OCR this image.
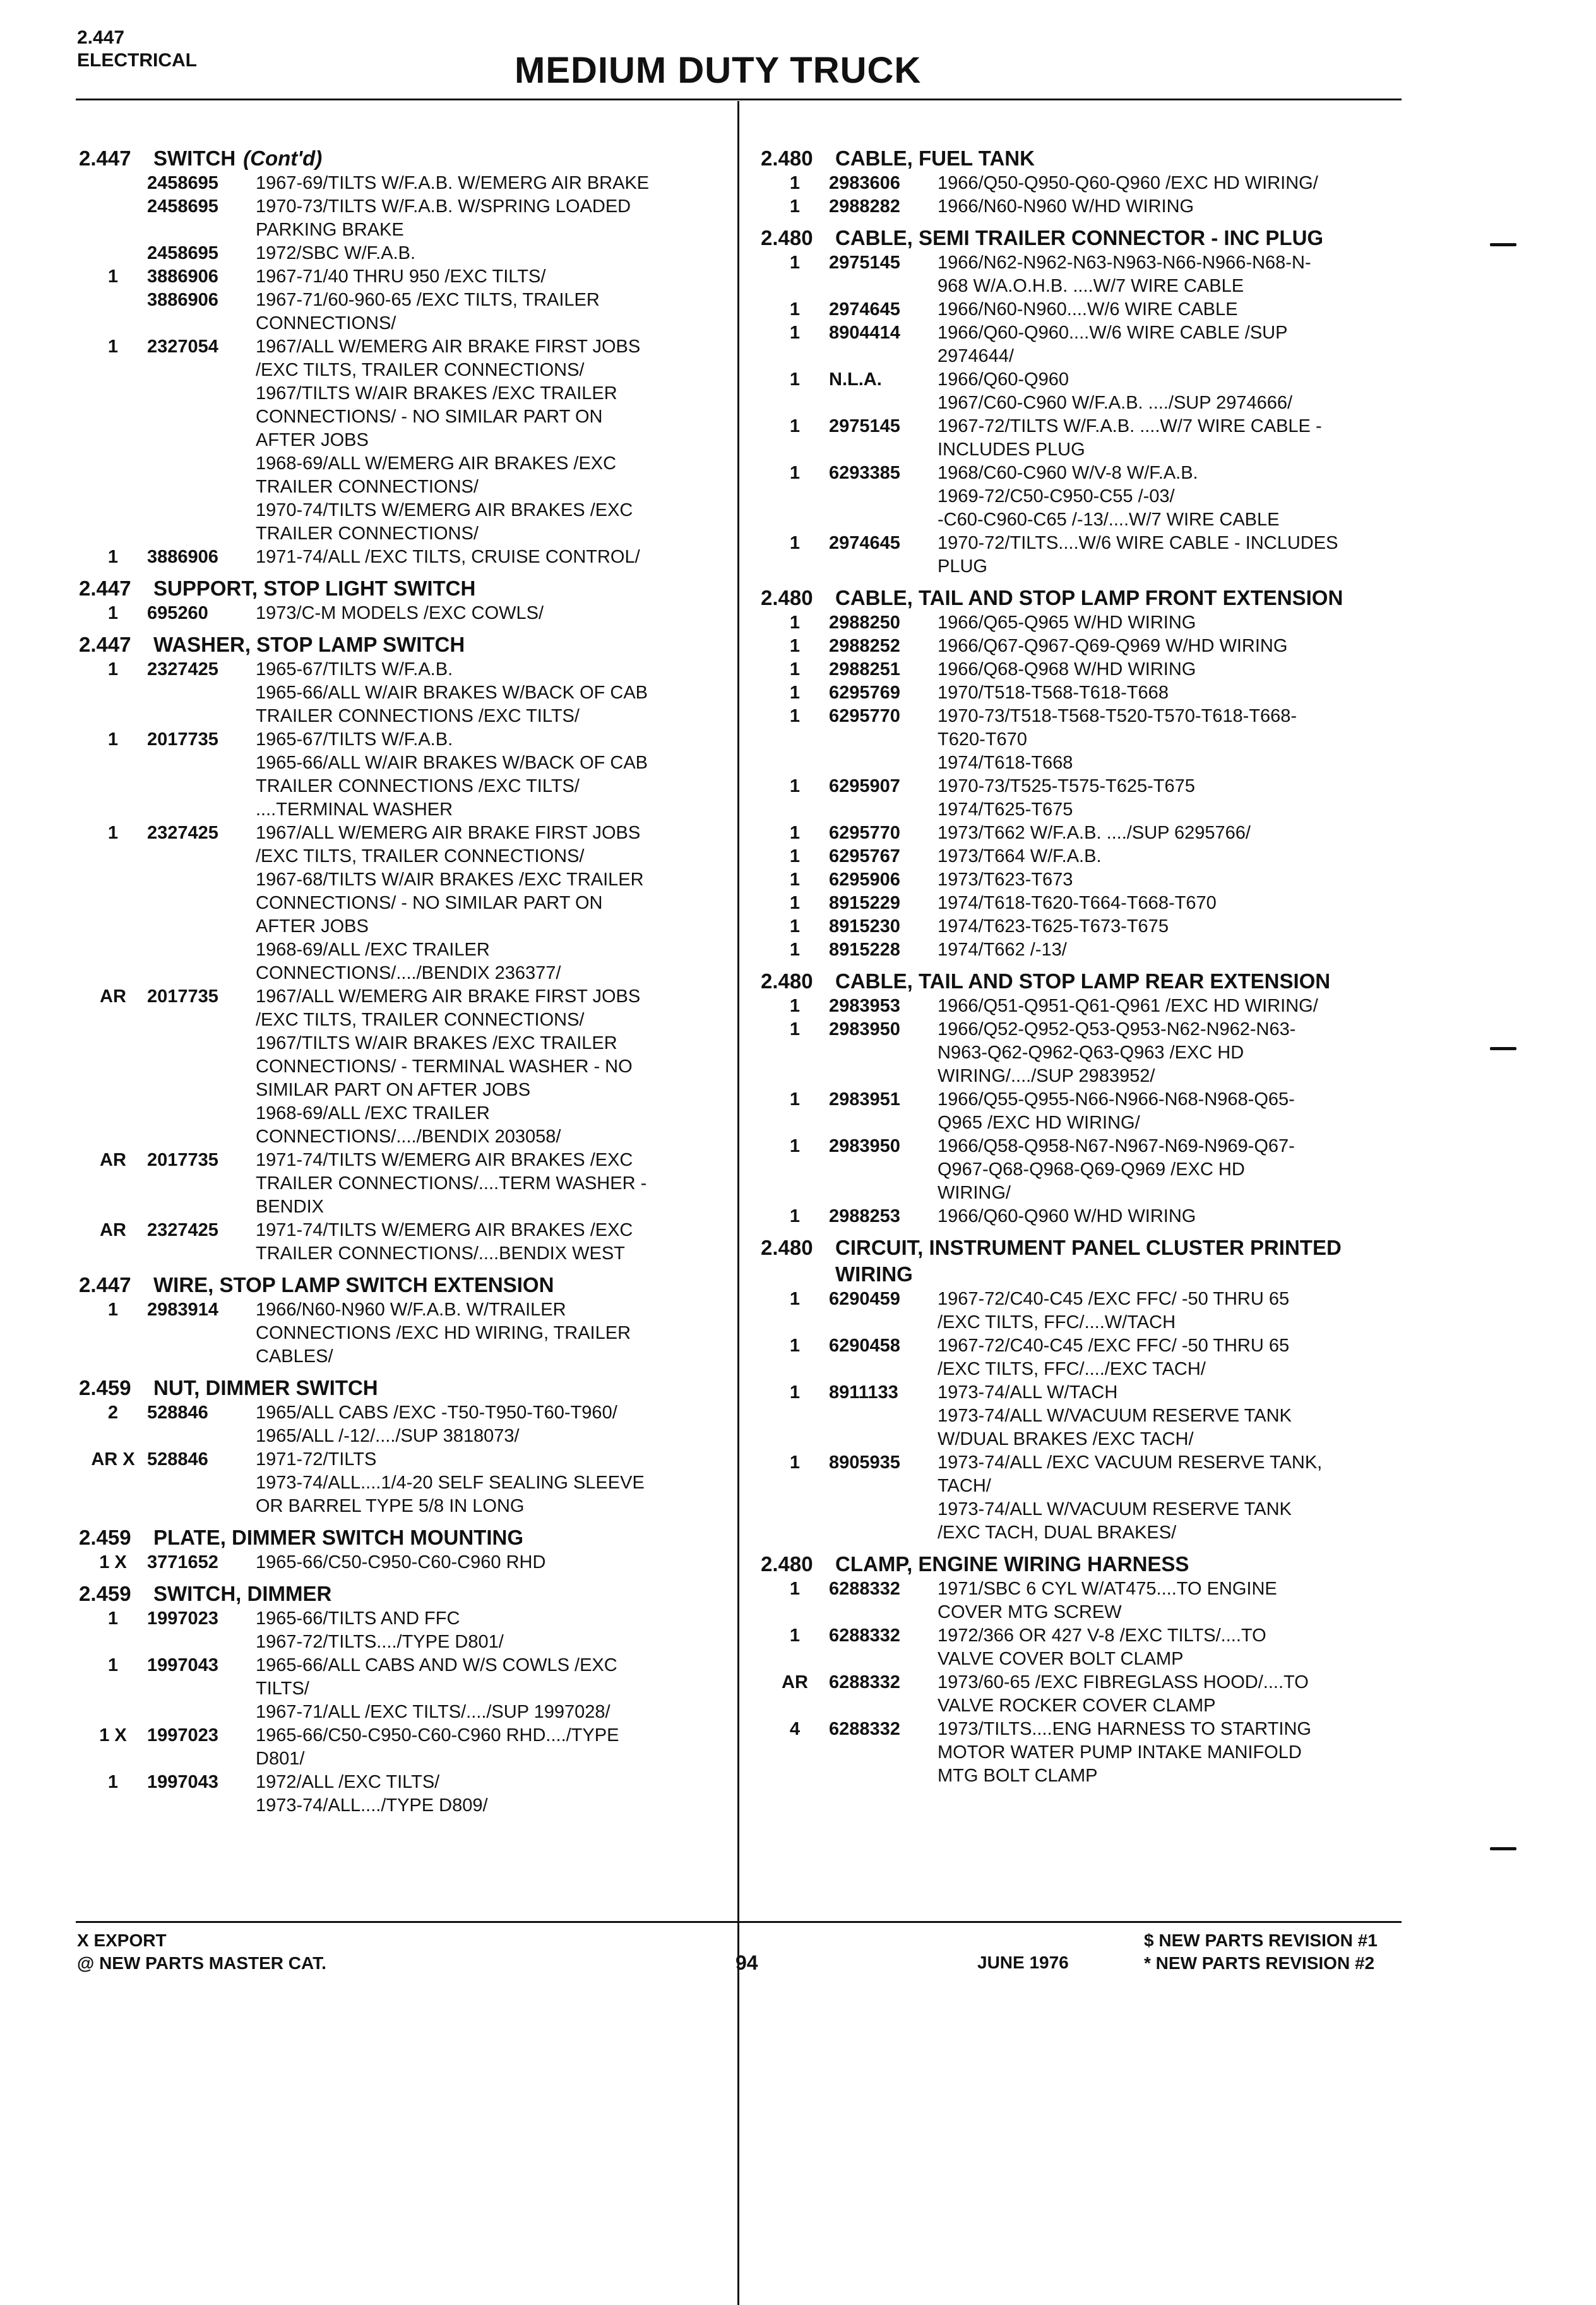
2.447
ELECTRICAL	MEDIUM DUTY TRUCK
2.447 SWITCH (Cont'd)
2458695	1967-69/TILTS W/F.A.B. W/EMERG AIR BRAKE
2458695	1970-73/TILTS W/F.A.B. W/SPRING LOADED
PARKING BRAKE
2458695	1972/SBC W/F.A.B.
1	3886906	1967-71/40 THRU 950 /EXC TILTS/
3886906	1967-71/60-960-65 /EXC TILTS, TRAILER
CONNECTIONS/
1	2327054	1967/ALL W/EMERG AIR BRAKE FIRST JOBS
/EXC TILTS, TRAILER CONNECTIONS/
1967/TILTS W/AIR BRAKES /EXC TRAILER
CONNECTIONS/ - NO SIMILAR PART ON
AFTER JOBS
1968-69/ALL W/EMERG AIR BRAKES /EXC
TRAILER CONNECTIONS/
1970-74/TILTS W/EMERG AIR BRAKES /EXC
TRAILER CONNECTIONS/
1	3886906	1971-74/ALL /EXC TILTS, CRUISE CONTROL/
2.447 SUPPORT, STOP LIGHT SWITCH
1	695260	1973/C-M MODELS /EXC COWLS/
2.447 WASHER, STOP LAMP SWITCH
1	2327425	1965-67/TILTS W/F.A.B.
1965-66/ALL W/AIR BRAKES W/BACK OF CAB
TRAILER CONNECTIONS /EXC TILTS/
1	2017735	1965-67/TILTS W/F.A.B.
1965-66/ALL W/AIR BRAKES W/BACK OF CAB
TRAILER CONNECTIONS /EXC TILTS/
....TERMINAL WASHER
1	2327425	1967/ALL W/EMERG AIR BRAKE FIRST JOBS
/EXC TILTS, TRAILER CONNECTIONS/
1967-68/TILTS W/AIR BRAKES /EXC TRAILER
CONNECTIONS/ - NO SIMILAR PART ON
AFTER JOBS
1968-69/ALL /EXC TRAILER
CONNECTIONS/..../BENDIX 236377/
AR	2017735	1967/ALL W/EMERG AIR BRAKE FIRST JOBS
/EXC TILTS, TRAILER CONNECTIONS/
1967/TILTS W/AIR BRAKES /EXC TRAILER
CONNECTIONS/ - TERMINAL WASHER - NO
SIMILAR PART ON AFTER JOBS
1968-69/ALL /EXC TRAILER
CONNECTIONS/..../BENDIX 203058/
AR	2017735	1971-74/TILTS W/EMERG AIR BRAKES /EXC
TRAILER CONNECTIONS/....TERM WASHER -
BENDIX
AR	2327425	1971-74/TILTS W/EMERG AIR BRAKES /EXC
TRAILER CONNECTIONS/....BENDIX WEST
2.447 WIRE, STOP LAMP SWITCH EXTENSION
1	2983914	1966/N60-N960 W/F.A.B. W/TRAILER
CONNECTIONS /EXC HD WIRING, TRAILER
CABLES/
2.459 NUT, DIMMER SWITCH
2	528846	1965/ALL CABS /EXC -T50-T950-T60-T960/
1965/ALL /-12/..../SUP 3818073/
AR X 528846	1971-72/TILTS
1973-74/ALL....1/4-20 SELF SEALING SLEEVE
OR BARREL TYPE 5/8 IN LONG
2.459 PLATE, DIMMER SWITCH MOUNTING
1 X	3771652	1965-66/C50-C950-C60-C960 RHD
2.459 SWITCH, DIMMER
1	1997023	1965-66/TILTS AND FFC
1967-72/TILTS..../TYPE D801/
1	1997043	1965-66/ALL CABS AND W/S COWLS /EXC
TILTS/
1967-71/ALL /EXC TILTS/..../SUP 1997028/
1 X	1997023	1965-66/C50-C950-C60-C960 RHD..../TYPE
D801/
1	1997043	1972/ALL /EXC TILTS/
1973-74/ALL..../TYPE D809/
2.480 CABLE, FUEL TANK
1	2983606	1966/Q50-Q950-Q60-Q960 /EXC HD WIRING/
1	2988282	1966/N60-N960 W/HD WIRING
2.480 CABLE, SEMI TRAILER CONNECTOR - INC PLUG
1	2975145	1966/N62-N962-N63-N963-N66-N966-N68-N-
968 W/A.O.H.B. ....W/7 WIRE CABLE
1	2974645	1966/N60-N960....W/6 WIRE CABLE
1	8904414	1966/Q60-Q960....W/6 WIRE CABLE /SUP
2974644/
1	N.L.A.	1966/Q60-Q960
1967/C60-C960 W/F.A.B. ..../SUP 2974666/
1	2975145	1967-72/TILTS W/F.A.B. ....W/7 WIRE CABLE -
INCLUDES PLUG
1	6293385	1968/C60-C960 W/V-8 W/F.A.B.
1969-72/C50-C950-C55 /-03/
-C60-C960-C65 /-13/....W/7 WIRE CABLE
1	2974645	1970-72/TILTS....W/6 WIRE CABLE - INCLUDES
PLUG
2.480 CABLE, TAIL AND STOP LAMP FRONT EXTENSION
1	2988250	1966/Q65-Q965 W/HD WIRING
1	2988252	1966/Q67-Q967-Q69-Q969 W/HD WIRING
1	2988251	1966/Q68-Q968 W/HD WIRING
1	6295769	1970/T518-T568-T618-T668
1	6295770	1970-73/T518-T568-T520-T570-T618-T668-
T620-T670
1974/T618-T668
1	6295907	1970-73/T525-T575-T625-T675
1974/T625-T675
1	6295770	1973/T662 W/F.A.B. ..../SUP 6295766/
1	6295767	1973/T664 W/F.A.B.
1	6295906	1973/T623-T673
1	8915229	1974/T618-T620-T664-T668-T670
1	8915230	1974/T623-T625-T673-T675
1	8915228	1974/T662 /-13/
2.480 CABLE, TAIL AND STOP LAMP REAR EXTENSION
1	2983953	1966/Q51-Q951-Q61-Q961 /EXC HD WIRING/
1	2983950	1966/Q52-Q952-Q53-Q953-N62-N962-N63-
N963-Q62-Q962-Q63-Q963 /EXC HD
WIRING/..../SUP 2983952/
1	2983951	1966/Q55-Q955-N66-N966-N68-N968-Q65-
Q965 /EXC HD WIRING/
1	2983950	1966/Q58-Q958-N67-N967-N69-N969-Q67-
Q967-Q68-Q968-Q69-Q969 /EXC HD
WIRING/
1	2988253	1966/Q60-Q960 W/HD WIRING
2.480 CIRCUIT, INSTRUMENT PANEL CLUSTER PRINTED
WIRING
1	6290459	1967-72/C40-C45 /EXC FFC/ -50 THRU 65
/EXC TILTS, FFC/....W/TACH
1	6290458	1967-72/C40-C45 /EXC FFC/ -50 THRU 65
/EXC TILTS, FFC/..../EXC TACH/
1	8911133	1973-74/ALL W/TACH
1973-74/ALL W/VACUUM RESERVE TANK
W/DUAL BRAKES /EXC TACH/
1	8905935	1973-74/ALL /EXC VACUUM RESERVE TANK,
TACH/
1973-74/ALL W/VACUUM RESERVE TANK
/EXC TACH, DUAL BRAKES/
2.480 CLAMP, ENGINE WIRING HARNESS
1	6288332	1971/SBC 6 CYL W/AT475....TO ENGINE
COVER MTG SCREW
1	6288332	1972/366 OR 427 V-8 /EXC TILTS/....TO
VALVE COVER BOLT CLAMP
AR	6288332	1973/60-65 /EXC FIBREGLASS HOOD/....TO
VALVE ROCKER COVER CLAMP
4	6288332	1973/TILTS....ENG HARNESS TO STARTING
MOTOR WATER PUMP INTAKE MANIFOLD
MTG BOLT CLAMP
X EXPORT
@ NEW PARTS MASTER CAT.	94	JUNE 1976
$ NEW PARTS REVISION #1
* NEW PARTS REVISION #2
